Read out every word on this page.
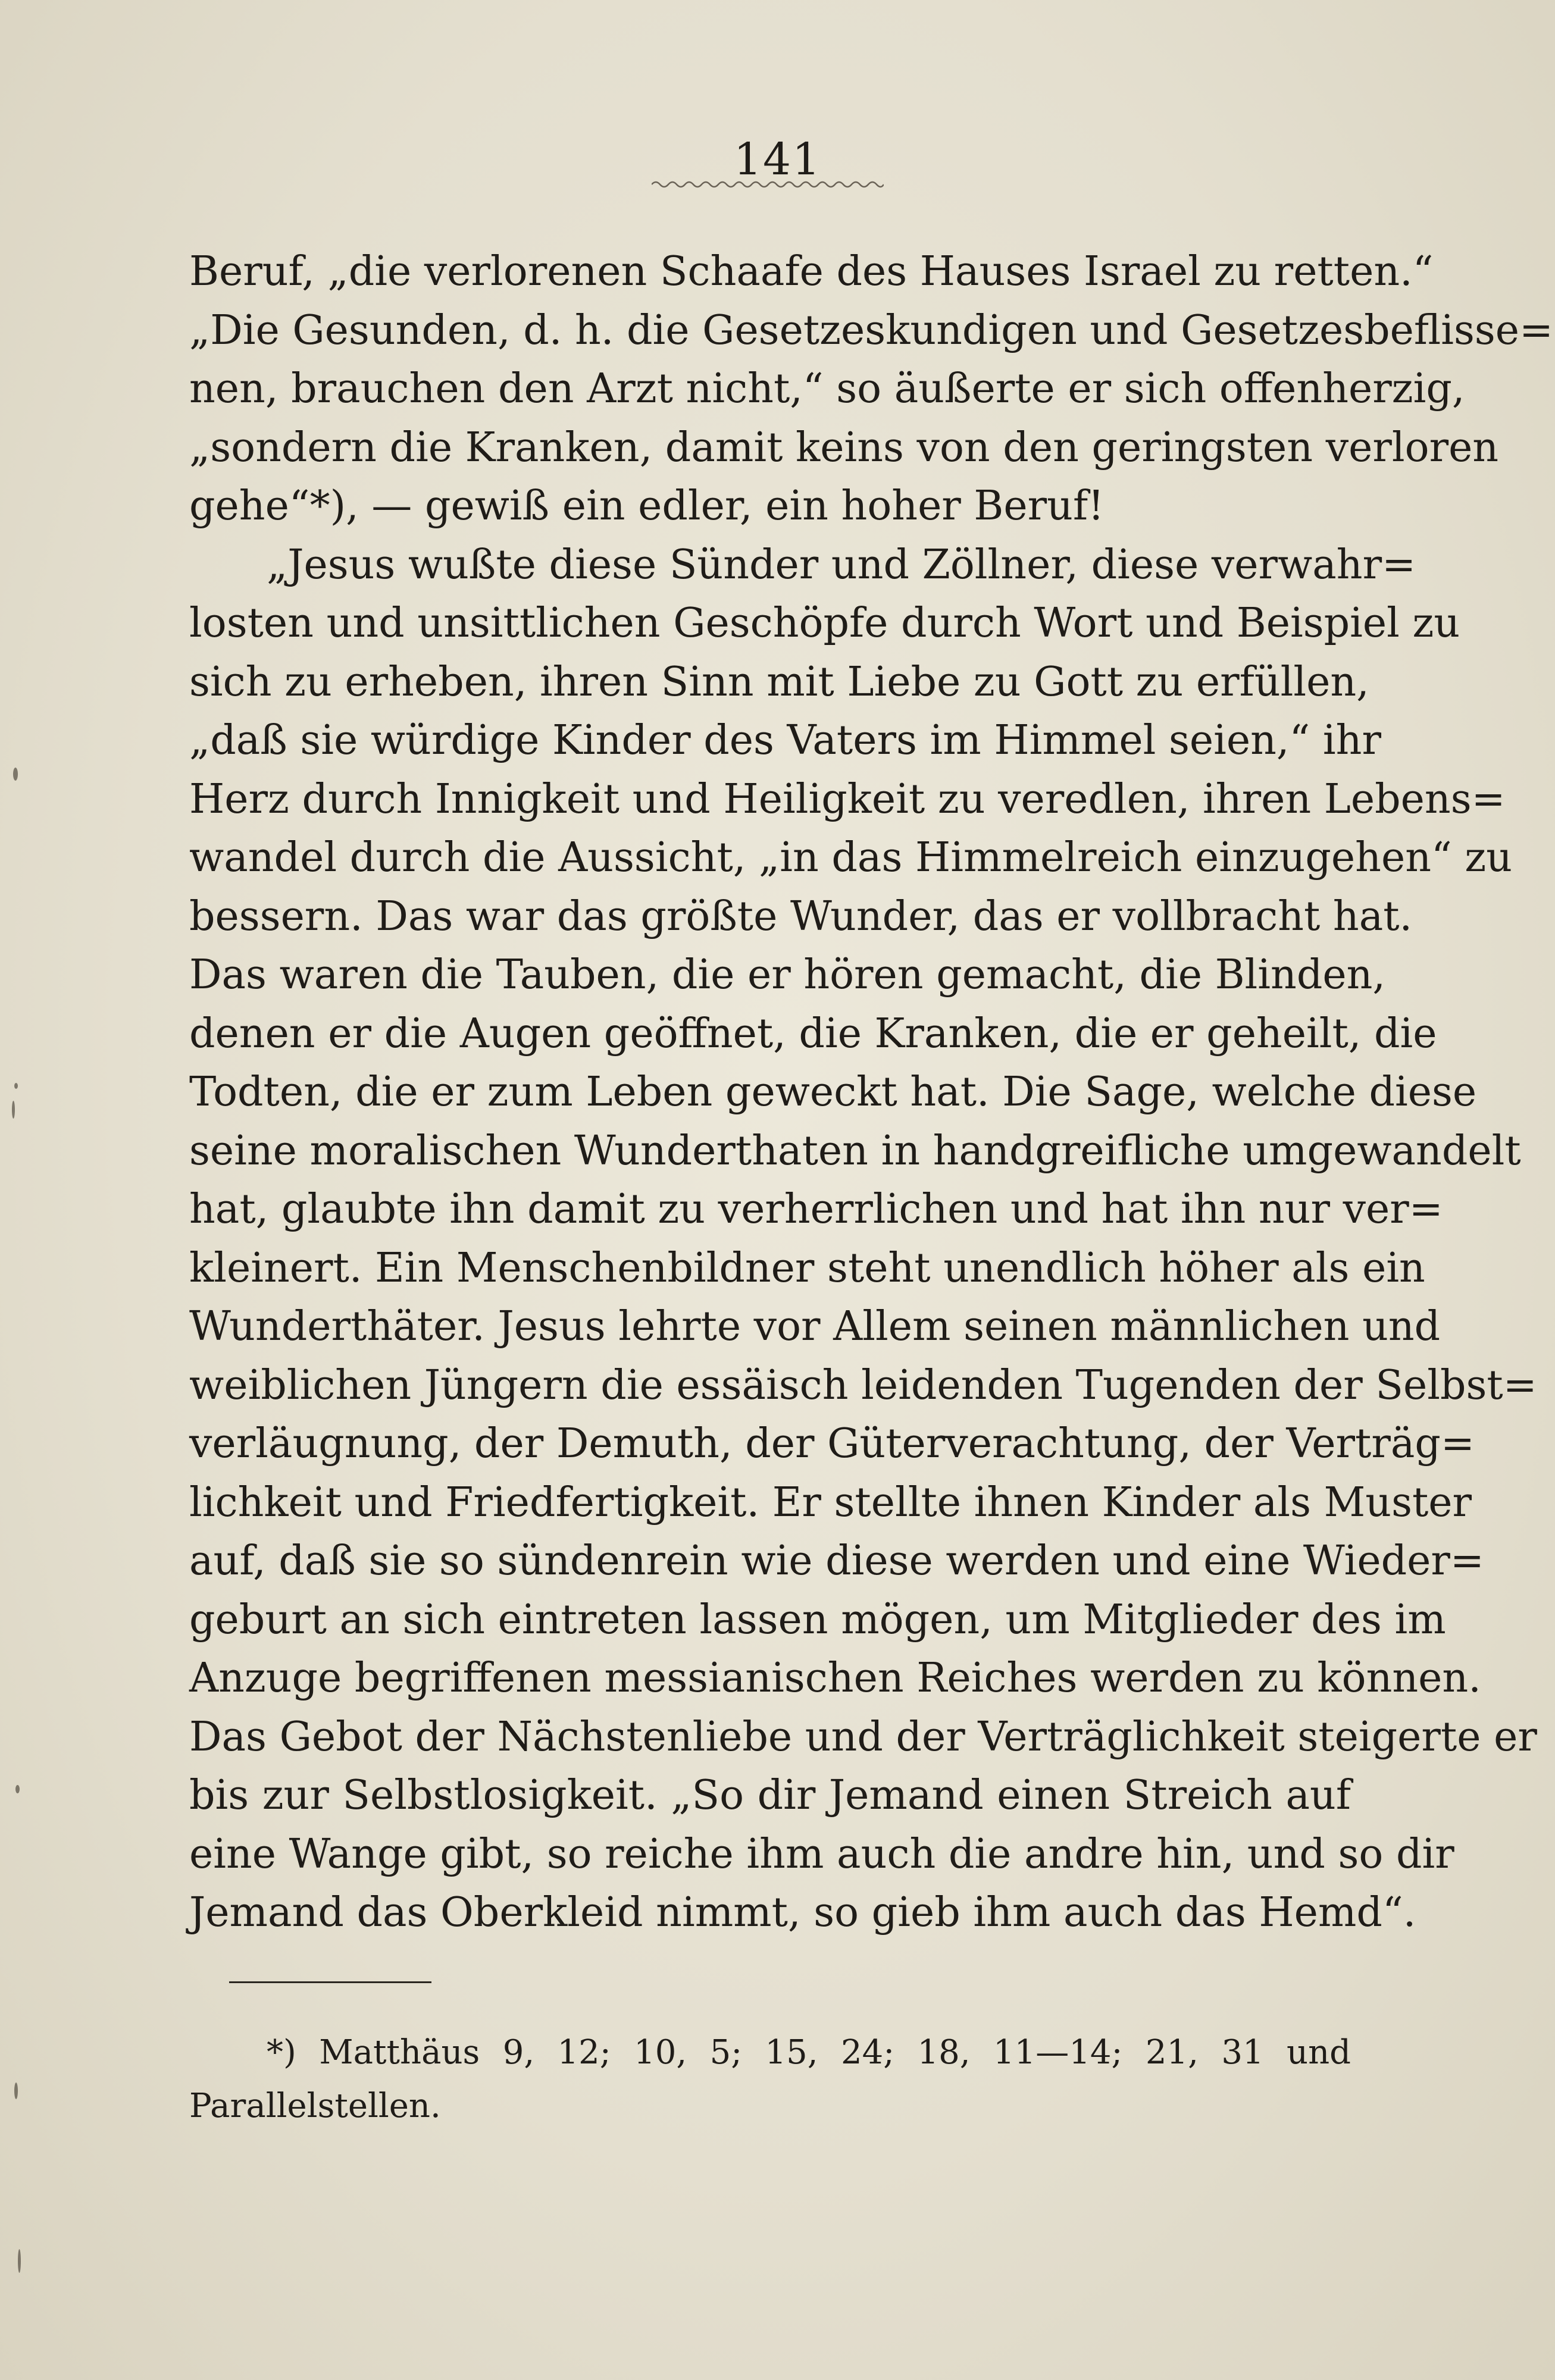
141
Beruf, „die verlorenen Schaafe des Hauses Israel zu retten.“
„Die Gesunden, d. h. die Gesetzeskundigen und Gesetzesbeflisse=
nen, brauchen den Arzt nicht,“ so äußerte er sich offenherzig,
„sondern die Kranken, damit keins von den geringsten verloren
gehe“*), — gewiß ein edler, ein hoher Beruf!
„Jesus wußte diese Sünder und Zöllner, diese verwahr=
losten und unsittlichen Geschöpfe durch Wort und Beispiel zu
sich zu erheben, ihren Sinn mit Liebe zu Gott zu erfüllen,
„daß sie würdige Kinder des Vaters im Himmel seien,“ ihr
Herz durch Innigkeit und Heiligkeit zu veredlen, ihren Lebens=
wandel durch die Aussicht, „in das Himmelreich einzugehen“ zu
bessern. Das war das größte Wunder, das er vollbracht hat.
Das waren die Tauben, die er hören gemacht, die Blinden,
denen er die Augen geöffnet, die Kranken, die er geheilt, die
Todten, die er zum Leben geweckt hat. Die Sage, welche diese
seine moralischen Wunderthaten in handgreifliche umgewandelt
hat, glaubte ihn damit zu verherrlichen und hat ihn nur ver=
kleinert. Ein Menschenbildner steht unendlich höher als ein
Wunderthäter. Jesus lehrte vor Allem seinen männlichen und
weiblichen Jüngern die essäisch leidenden Tugenden der Selbst=
verläugnung, der Demuth, der Güterverachtung, der Verträg=
lichkeit und Friedfertigkeit. Er stellte ihnen Kinder als Muster
auf, daß sie so sündenrein wie diese werden und eine Wieder=
geburt an sich eintreten lassen mögen, um Mitglieder des im
Anzuge begriffenen messianischen Reiches werden zu können.
Das Gebot der Nächstenliebe und der Verträglichkeit steigerte er
bis zur Selbstlosigkeit. „So dir Jemand einen Streich auf
eine Wange gibt, so reiche ihm auch die andre hin, und so dir
Jemand das Oberkleid nimmt, so gieb ihm auch das Hemd“.
*) Matthäus 9, 12; 10, 5; 15, 24; 18, 11—14; 21, 31 und
Parallelstellen.
